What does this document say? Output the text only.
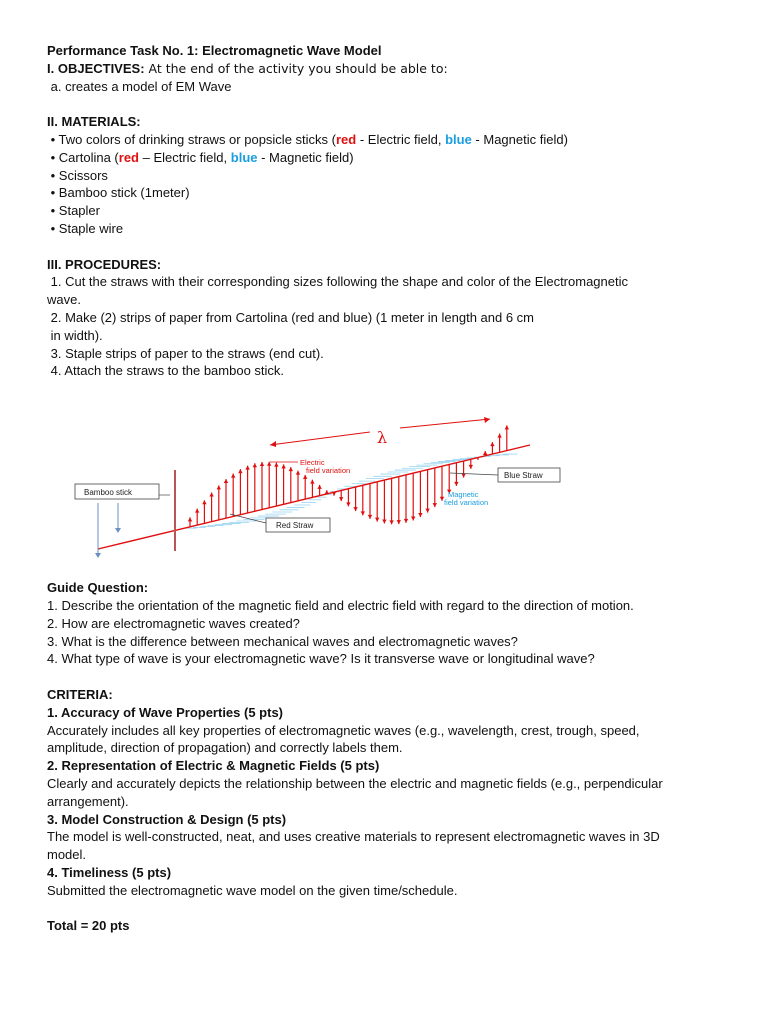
Performance Task No. 1: Electromagnetic Wave Model
I. OBJECTIVES: At the end of the activity you should be able to:
a. creates a model of EM Wave
II. MATERIALS:
• Two colors of drinking straws or popsicle sticks (red - Electric field, blue - Magnetic field)
• Cartolina (red – Electric field, blue - Magnetic field)
• Scissors
• Bamboo stick (1meter)
• Stapler
• Staple wire
III. PROCEDURES:
1. Cut the straws with their corresponding sizes following the shape and color of the Electromagnetic
wave.
2. Make (2) strips of paper from Cartolina (red and blue) (1 meter in length and 6 cm
in width).
3. Staple strips of paper to the straws (end cut).
4. Attach the straws to the bamboo stick.
Guide Question:
1. Describe the orientation of the magnetic field and electric field with regard to the direction of motion.
2. How are electromagnetic waves created?
3. What is the difference between mechanical waves and electromagnetic waves?
4. What type of wave is your electromagnetic wave? Is it transverse wave or longitudinal wave?
CRITERIA:
1. Accuracy of Wave Properties (5 pts)
Accurately includes all key properties of electromagnetic waves (e.g., wavelength, crest, trough, speed,
amplitude, direction of propagation) and correctly labels them.
2. Representation of Electric & Magnetic Fields (5 pts)
Clearly and accurately depicts the relationship between the electric and magnetic fields (e.g., perpendicular
arrangement).
3. Model Construction & Design (5 pts)
The model is well-constructed, neat, and uses creative materials to represent electromagnetic waves in 3D
model.
4. Timeliness (5 pts)
Submitted the electromagnetic wave model on the given time/schedule.
Total = 20 pts
λ
Bamboo stick
Red Straw
Blue Straw
Electric
field variation
Magnetic
field variation
